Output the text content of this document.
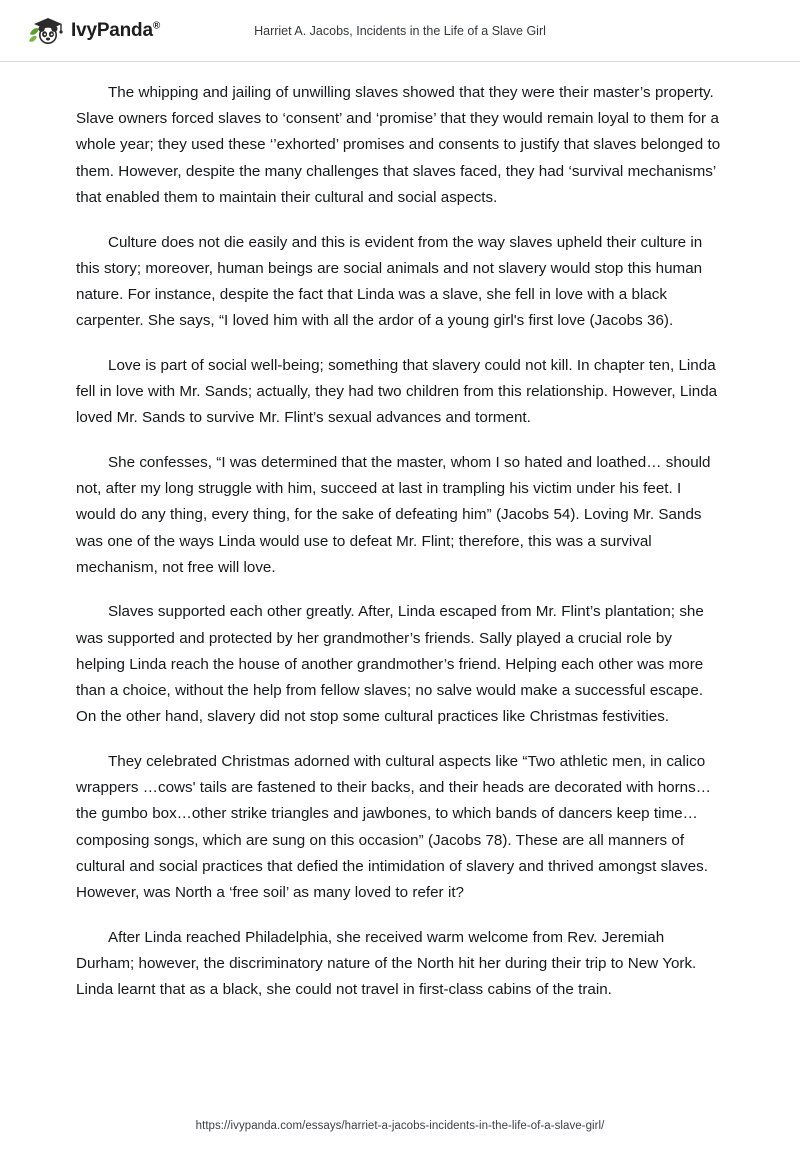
IvyPanda®	Harriet A. Jacobs, Incidents in the Life of a Slave Girl

The whipping and jailing of unwilling slaves showed that they were their master’s property. Slave owners forced slaves to ‘consent’ and ‘promise’ that they would remain loyal to them for a whole year; they used these ‘’exhorted’ promises and consents to justify that slaves belonged to them. However, despite the many challenges that slaves faced, they had ‘survival mechanisms’ that enabled them to maintain their cultural and social aspects.

Culture does not die easily and this is evident from the way slaves upheld their culture in this story; moreover, human beings are social animals and not slavery would stop this human nature. For instance, despite the fact that Linda was a slave, she fell in love with a black carpenter. She says, “I loved him with all the ardor of a young girl's first love (Jacobs 36).

Love is part of social well-being; something that slavery could not kill. In chapter ten, Linda fell in love with Mr. Sands; actually, they had two children from this relationship. However, Linda loved Mr. Sands to survive Mr. Flint’s sexual advances and torment.

She confesses, “I was determined that the master, whom I so hated and loathed… should not, after my long struggle with him, succeed at last in trampling his victim under his feet. I would do any thing, every thing, for the sake of defeating him” (Jacobs 54). Loving Mr. Sands was one of the ways Linda would use to defeat Mr. Flint; therefore, this was a survival mechanism, not free will love.

Slaves supported each other greatly. After, Linda escaped from Mr. Flint’s plantation; she was supported and protected by her grandmother’s friends. Sally played a crucial role by helping Linda reach the house of another grandmother’s friend. Helping each other was more than a choice, without the help from fellow slaves; no salve would make a successful escape. On the other hand, slavery did not stop some cultural practices like Christmas festivities.

They celebrated Christmas adorned with cultural aspects like “Two athletic men, in calico wrappers …cows' tails are fastened to their backs, and their heads are decorated with horns…the gumbo box…other strike triangles and jawbones, to which bands of dancers keep time…composing songs, which are sung on this occasion” (Jacobs 78). These are all manners of cultural and social practices that defied the intimidation of slavery and thrived amongst slaves. However, was North a ‘free soil’ as many loved to refer it?

After Linda reached Philadelphia, she received warm welcome from Rev. Jeremiah Durham; however, the discriminatory nature of the North hit her during their trip to New York. Linda learnt that as a black, she could not travel in first-class cabins of the train.

https://ivypanda.com/essays/harriet-a-jacobs-incidents-in-the-life-of-a-slave-girl/
